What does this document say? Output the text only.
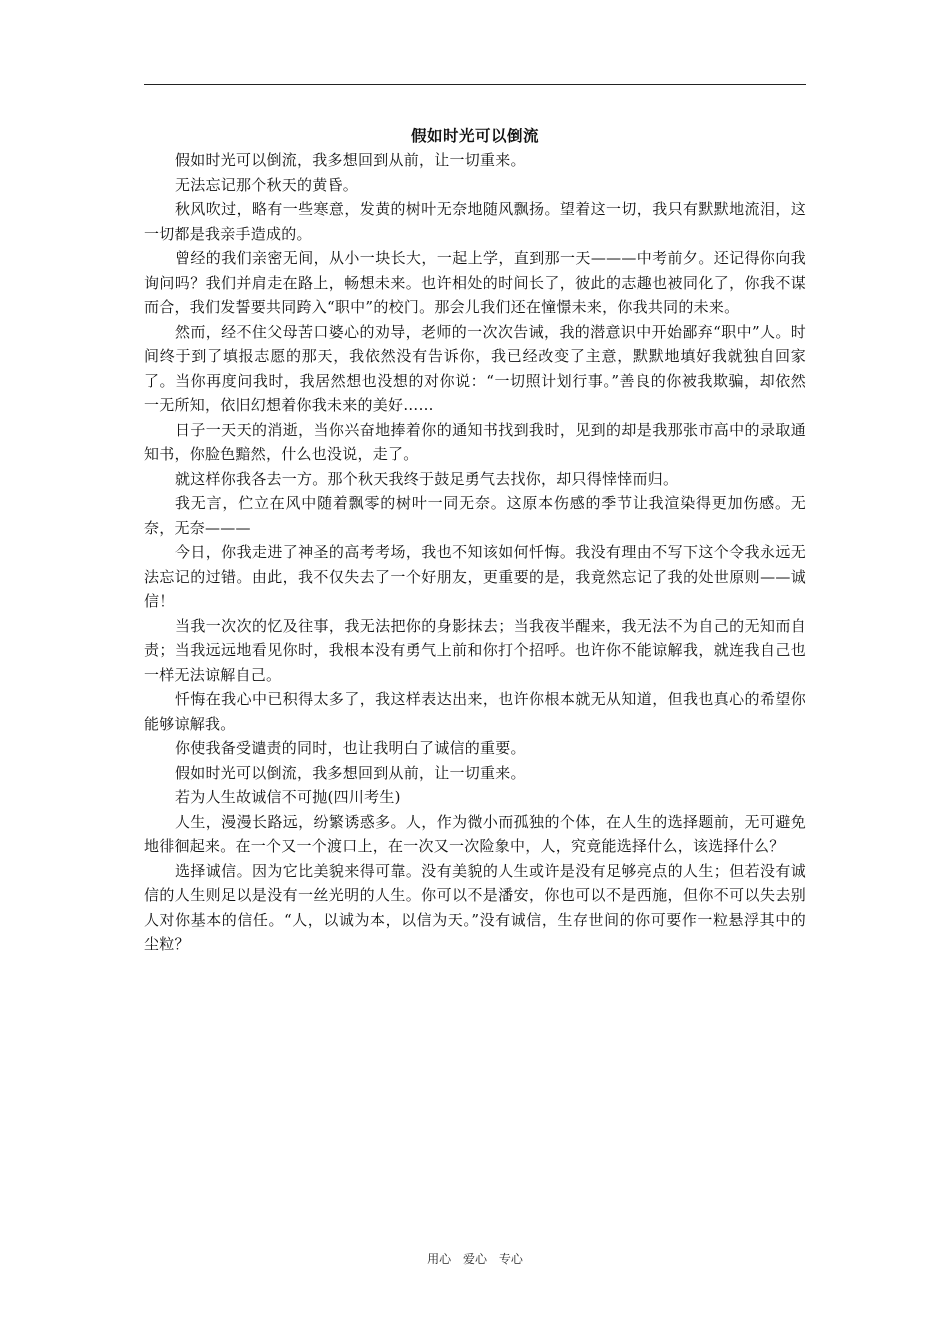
假如时光可以倒流

假如时光可以倒流，我多想回到从前，让一切重来。

无法忘记那个秋天的黄昏。

秋风吹过，略有一些寒意，发黄的树叶无奈地随风飘扬。望着这一切，我只有默默地流泪，这一切都是我亲手造成的。

曾经的我们亲密无间，从小一块长大，一起上学，直到那一天———中考前夕。还记得你向我询问吗？我们并肩走在路上，畅想未来。也许相处的时间长了，彼此的志趣也被同化了，你我不谋而合，我们发誓要共同跨入“职中”的校门。那会儿我们还在憧憬未来，你我共同的未来。

然而，经不住父母苦口婆心的劝导，老师的一次次告诫，我的潜意识中开始鄙弃“职中”人。时间终于到了填报志愿的那天，我依然没有告诉你，我已经改变了主意，默默地填好我就独自回家了。当你再度问我时，我居然想也没想的对你说：“一切照计划行事。”善良的你被我欺骗，却依然一无所知，依旧幻想着你我未来的美好……

日子一天天的消逝，当你兴奋地捧着你的通知书找到我时，见到的却是我那张市高中的录取通知书，你脸色黯然，什么也没说，走了。

就这样你我各去一方。那个秋天我终于鼓足勇气去找你，却只得悻悻而归。

我无言，伫立在风中随着飘零的树叶一同无奈。这原本伤感的季节让我渲染得更加伤感。无奈，无奈———

今日，你我走进了神圣的高考考场，我也不知该如何忏悔。我没有理由不写下这个令我永远无法忘记的过错。由此，我不仅失去了一个好朋友，更重要的是，我竟然忘记了我的处世原则——诚信！

当我一次次的忆及往事，我无法把你的身影抹去；当我夜半醒来，我无法不为自己的无知而自责；当我远远地看见你时，我根本没有勇气上前和你打个招呼。也许你不能谅解我，就连我自己也一样无法谅解自己。

忏悔在我心中已积得太多了，我这样表达出来，也许你根本就无从知道，但我也真心的希望你能够谅解我。

你使我备受谴责的同时，也让我明白了诚信的重要。

假如时光可以倒流，我多想回到从前，让一切重来。

若为人生故诚信不可抛(四川考生)

人生，漫漫长路远，纷繁诱惑多。人，作为微小而孤独的个体，在人生的选择题前，无可避免地徘徊起来。在一个又一个渡口上，在一次又一次险象中，人，究竟能选择什么，该选择什么？

选择诚信。因为它比美貌来得可靠。没有美貌的人生或许是没有足够亮点的人生；但若没有诚信的人生则足以是没有一丝光明的人生。你可以不是潘安，你也可以不是西施，但你不可以失去别人对你基本的信任。“人，以诚为本，以信为天。”没有诚信，生存世间的你可要作一粒悬浮其中的尘粒？

用心 爱心 专心
